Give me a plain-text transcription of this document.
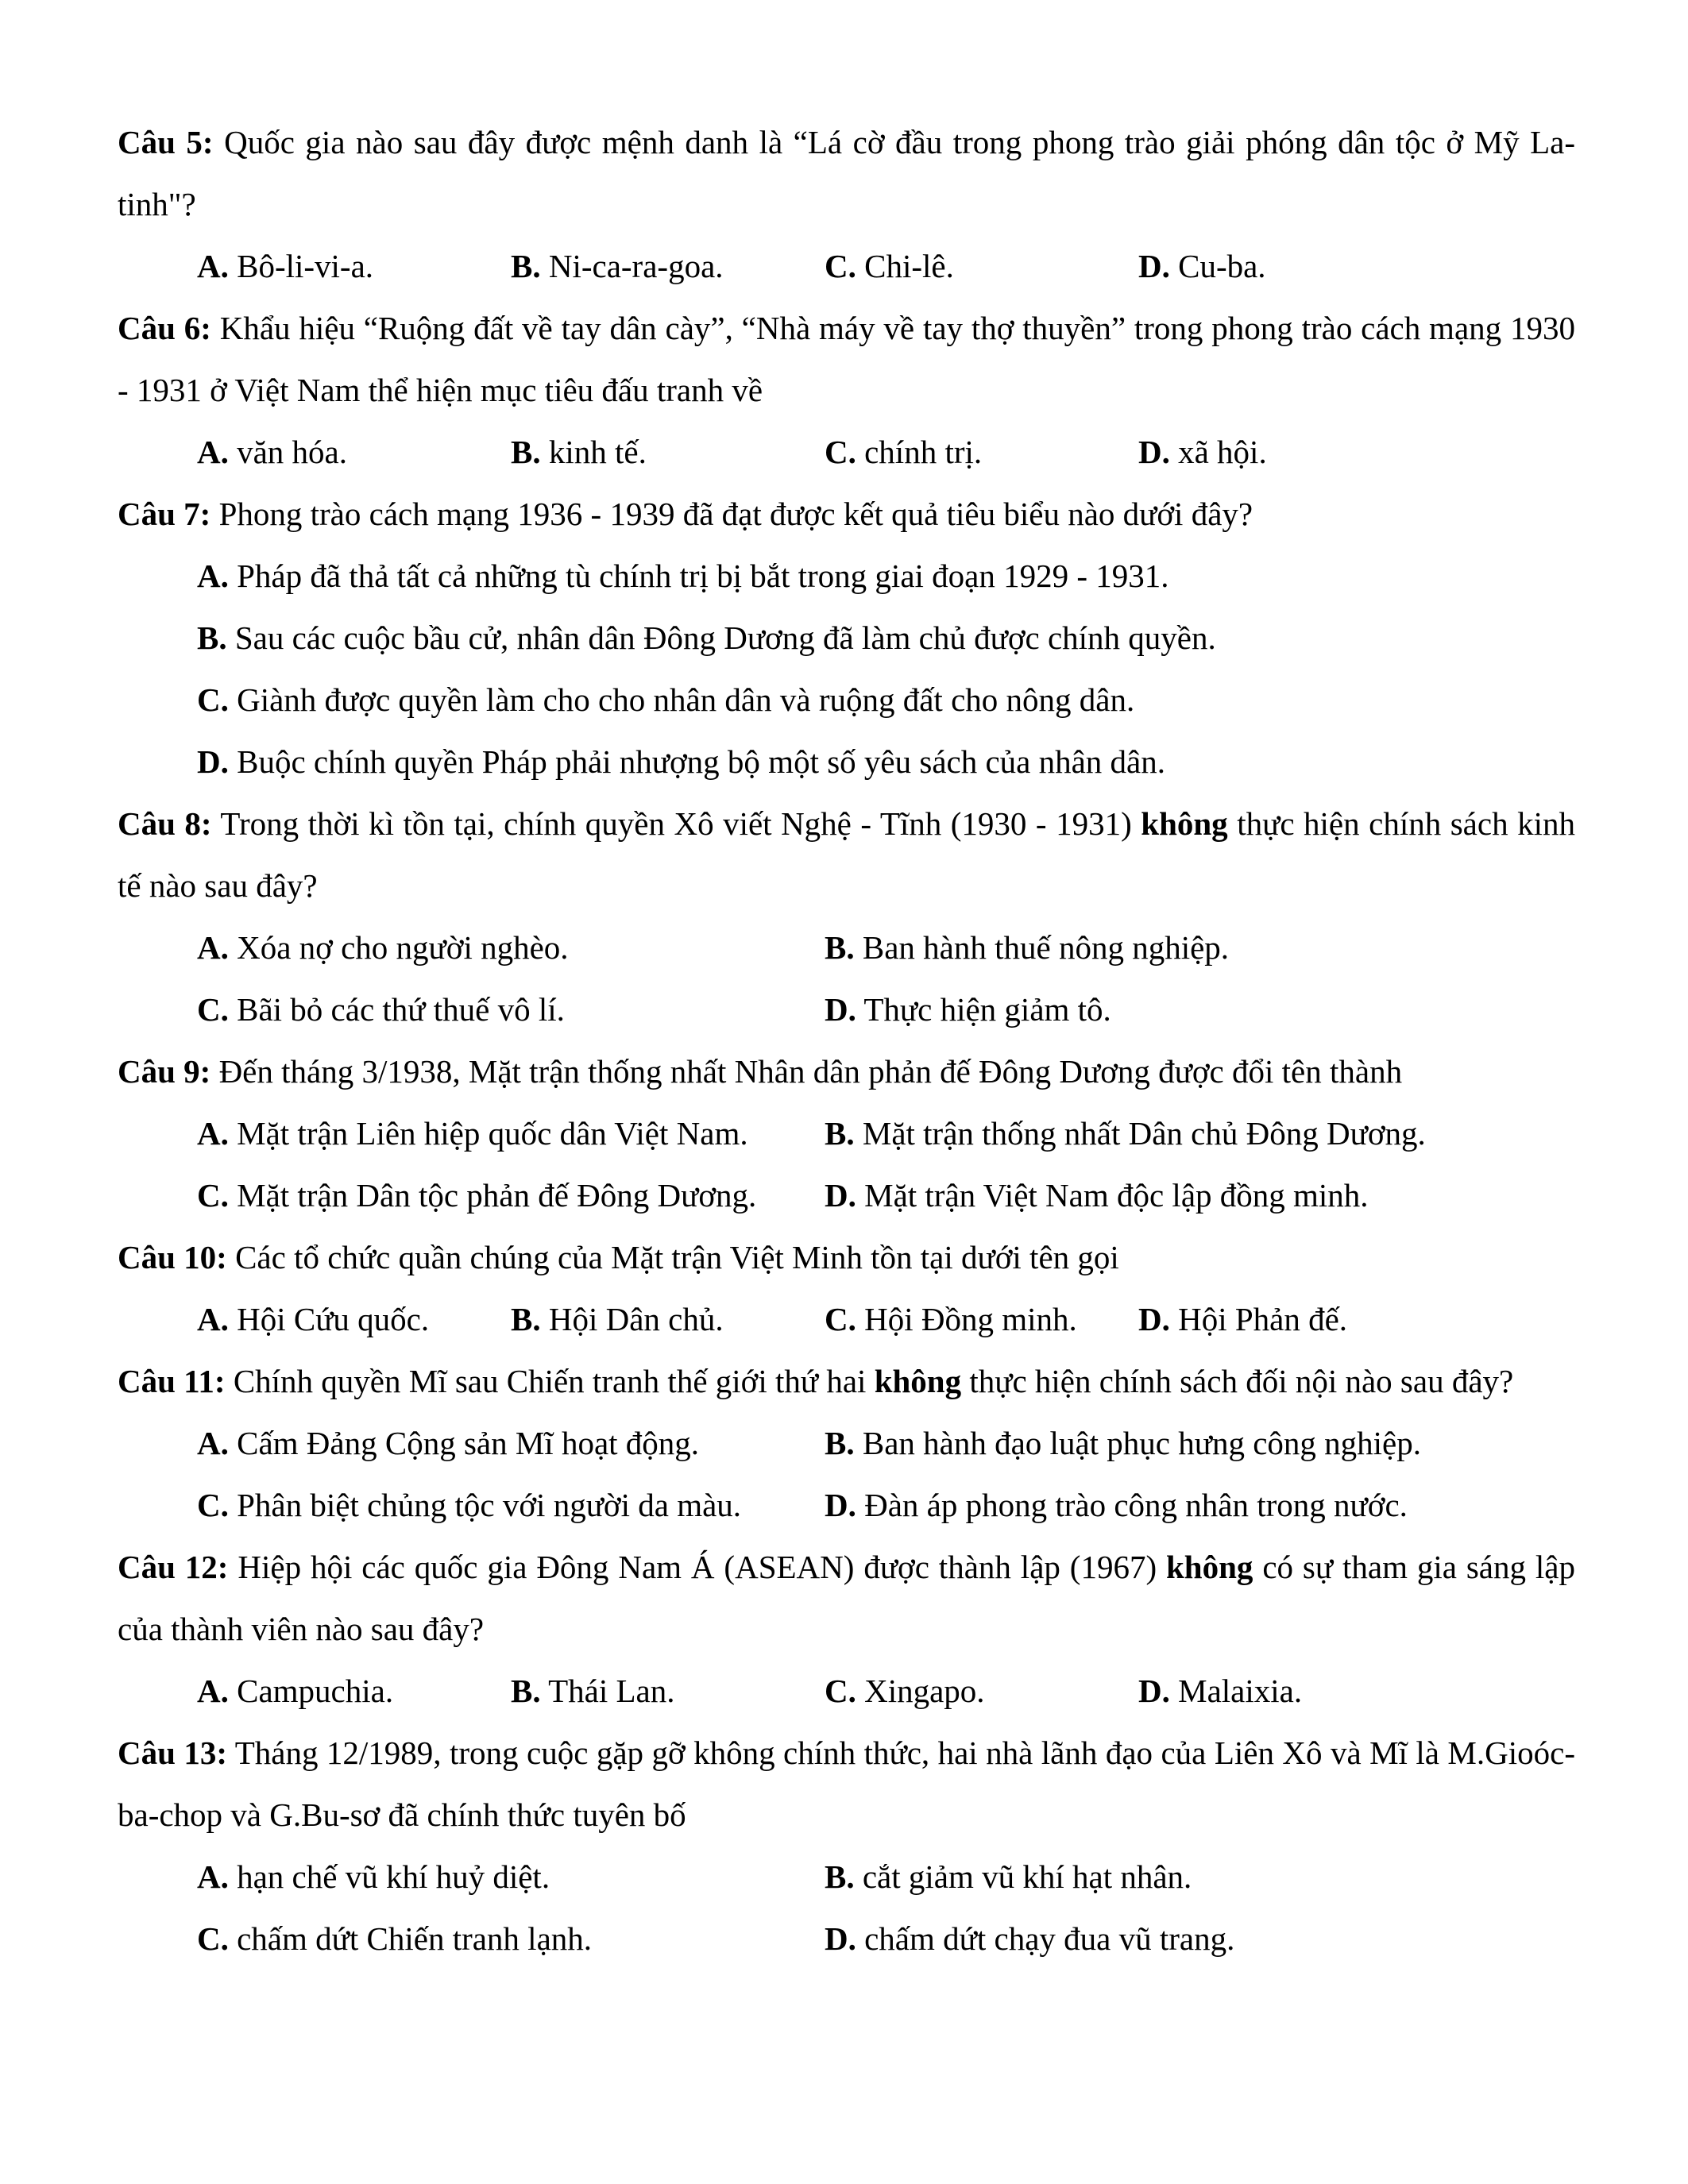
Câu 5: Quốc gia nào sau đây được mệnh danh là “Lá cờ đầu trong phong trào giải phóng dân tộc ở Mỹ La-tinh"?

A. Bô-li-vi-a.	B. Ni-ca-ra-goa.	C. Chi-lê.	D. Cu-ba.

Câu 6: Khẩu hiệu “Ruộng đất về tay dân cày”, “Nhà máy về tay thợ thuyền” trong phong trào cách mạng 1930 - 1931 ở Việt Nam thể hiện mục tiêu đấu tranh về

A. văn hóa.	B. kinh tế.	C. chính trị.	D. xã hội.

Câu 7: Phong trào cách mạng 1936 - 1939 đã đạt được kết quả tiêu biểu nào dưới đây?

A. Pháp đã thả tất cả những tù chính trị bị bắt trong giai đoạn 1929 - 1931.
B. Sau các cuộc bầu cử, nhân dân Đông Dương đã làm chủ được chính quyền.
C. Giành được quyền làm cho cho nhân dân và ruộng đất cho nông dân.
D. Buộc chính quyền Pháp phải nhượng bộ một số yêu sách của nhân dân.

Câu 8: Trong thời kì tồn tại, chính quyền Xô viết Nghệ - Tĩnh (1930 - 1931) không thực hiện chính sách kinh tế nào sau đây?

A. Xóa nợ cho người nghèo.	B. Ban hành thuế nông nghiệp.
C. Bãi bỏ các thứ thuế vô lí.	D. Thực hiện giảm tô.

Câu 9: Đến tháng 3/1938, Mặt trận thống nhất Nhân dân phản đế Đông Dương được đổi tên thành

A. Mặt trận Liên hiệp quốc dân Việt Nam.	B. Mặt trận thống nhất Dân chủ Đông Dương.
C. Mặt trận Dân tộc phản đế Đông Dương.	D. Mặt trận Việt Nam độc lập đồng minh.

Câu 10: Các tổ chức quần chúng của Mặt trận Việt Minh tồn tại dưới tên gọi

A. Hội Cứu quốc.	B. Hội Dân chủ.	C. Hội Đồng minh.	D. Hội Phản đế.

Câu 11: Chính quyền Mĩ sau Chiến tranh thế giới thứ hai không thực hiện chính sách đối nội nào sau đây?

A. Cấm Đảng Cộng sản Mĩ hoạt động.	B. Ban hành đạo luật phục hưng công nghiệp.
C. Phân biệt chủng tộc với người da màu.	D. Đàn áp phong trào công nhân trong nước.

Câu 12: Hiệp hội các quốc gia Đông Nam Á (ASEAN) được thành lập (1967) không có sự tham gia sáng lập của thành viên nào sau đây?

A. Campuchia.	B. Thái Lan.	C. Xingapo.	D. Malaixia.

Câu 13: Tháng 12/1989, trong cuộc gặp gỡ không chính thức, hai nhà lãnh đạo của Liên Xô và Mĩ là M.Gioóc-ba-chop và G.Bu-sơ đã chính thức tuyên bố

A. hạn chế vũ khí huỷ diệt.	B. cắt giảm vũ khí hạt nhân.
C. chấm dứt Chiến tranh lạnh.	D. chấm dứt chạy đua vũ trang.
